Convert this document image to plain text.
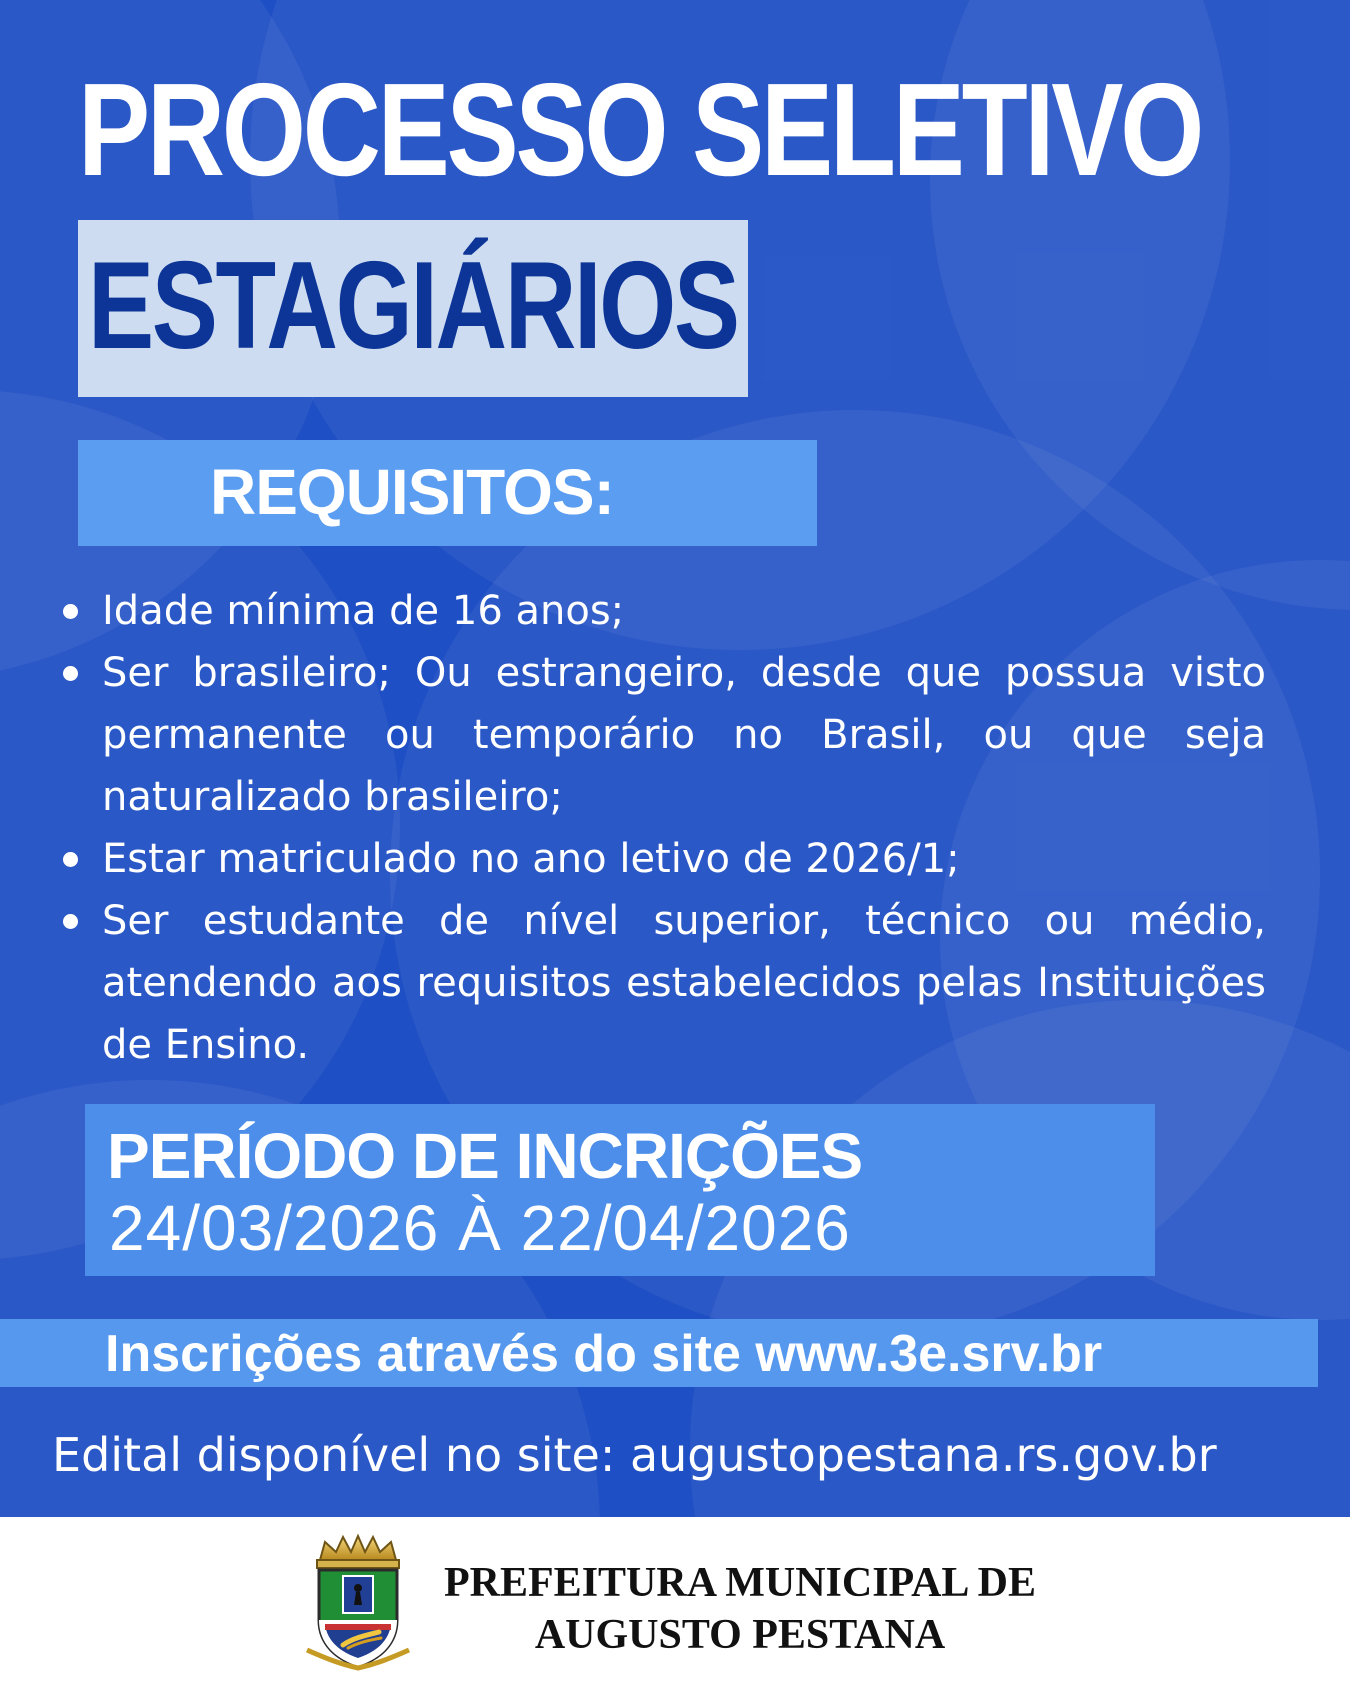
PROCESSO SELETIVO
ESTAGIÁRIOS
REQUISITOS:
Idade mínima de 16 anos;
Ser brasileiro; Ou estrangeiro, desde que possua visto permanente ou temporário no Brasil, ou que seja naturalizado brasileiro;
Estar matriculado no ano letivo de 2026/1;
Ser estudante de nível superior, técnico ou médio, atendendo aos requisitos estabelecidos pelas Instituições de Ensino.
PERÍODO DE INCRIÇÕES
24/03/2026 À 22/04/2026
Inscrições através do site www.3e.srv.br
Edital disponível no site: augustopestana.rs.gov.br
PREFEITURA MUNICIPAL DE
AUGUSTO PESTANA
